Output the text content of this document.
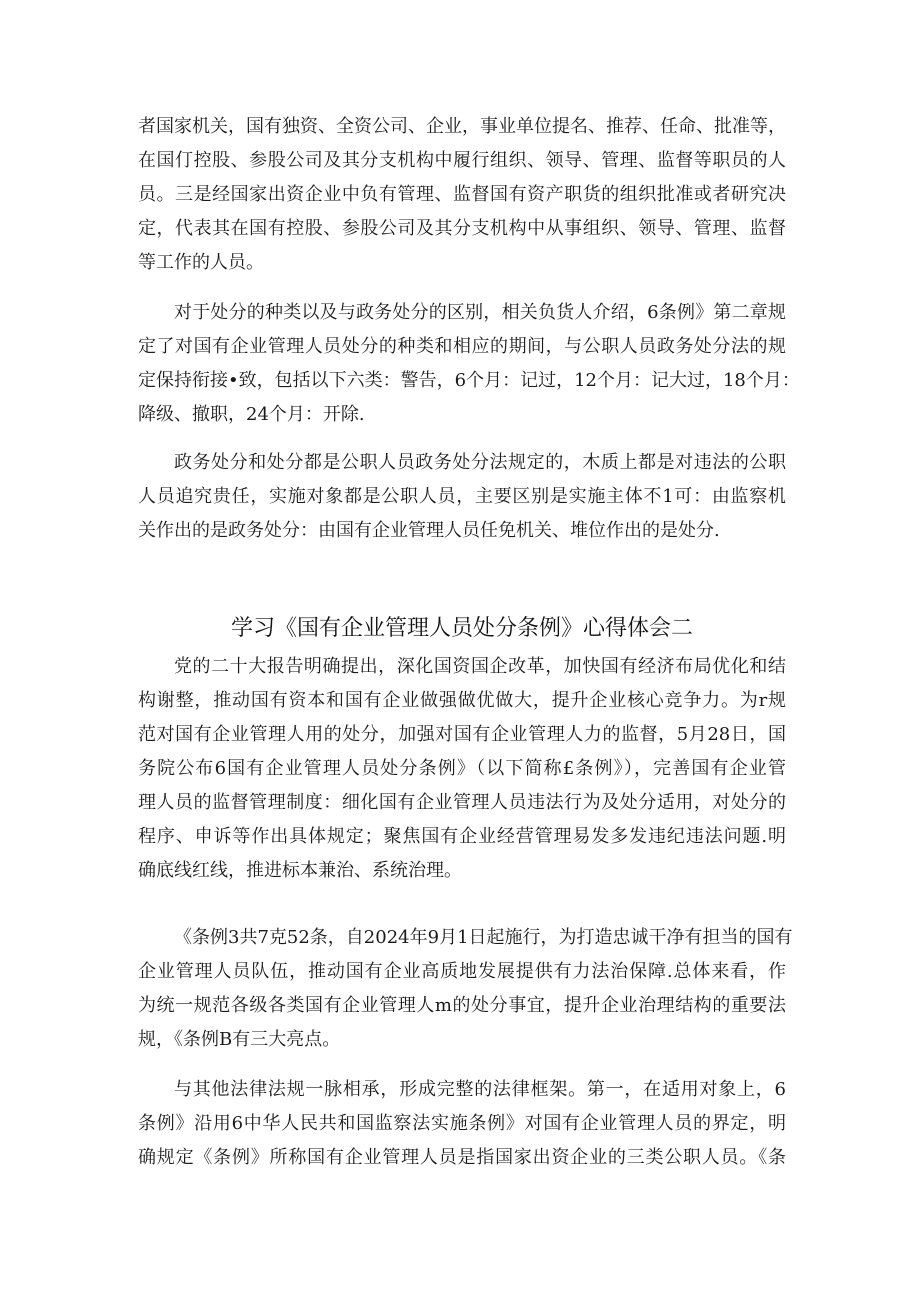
者国家机关，国有独资、全资公司、企业，事业单位提名、推荐、任命、批准等，
在国仃控股、参股公司及其分支机构中履行组织、领导、管理、监督等职员的人
员。三是经国家出资企业中负有管理、监督国有资产职货的组织批准或者研究决
定，代表其在国有控股、参股公司及其分支机构中从事组织、领导、管理、监督
等工作的人员。

对于处分的种类以及与政务处分的区别，相关负货人介绍，6条例》第二章规
定了对国有企业管理人员处分的种类和相应的期间，与公职人员政务处分法的规
定保持衔接•致，包括以下六类：警告，6个月：记过，12个月：记大过，18个月：
降级、撤职，24个月：开除.

政务处分和处分都是公职人员政务处分法规定的，木质上都是对违法的公职
人员追究贵任，实施对象都是公职人员，主要区别是实施主体不1可：由监察机
关作出的是政务处分：由国有企业管理人员任免机关、堆位作出的是处分.

学习《国有企业管理人员处分条例》心得体会二

党的二十大报告明确提出，深化国资国企改革，加快国有经济布局优化和结
构谢整，推动国有资本和国有企业做强做优做大，提升企业核心竞争力。为r规
范对国有企业管理人用的处分，加强对国有企业管理人力的监督，5月28日，国
务院公布6国有企业管理人员处分条例》（以下简称£条例》），完善国有企业管
理人员的监督管理制度：细化国有企业管理人员违法行为及处分适用，对处分的
程序、申诉等作出具体规定；聚焦国有企业经营管理易发多发违纪违法问题.明
确底线红线，推进标本兼治、系统治理。

《条例3共7克52条，自2024年9月1日起施行，为打造忠诚干净有担当的国有
企业管理人员队伍，推动国有企业高质地发展提供有力法治保障.总体来看，作
为统一规范各级各类国有企业管理人m的处分事宜，提升企业治理结构的重要法
规，《条例B有三大亮点。

与其他法律法规一脉相承，形成完整的法律框架。第一，在适用对象上，6
条例》沿用6中华人民共和国监察法实施条例》对国有企业管理人员的界定，明
确规定《条例》所称国有企业管理人员是指国家出资企业的三类公职人员。《条
